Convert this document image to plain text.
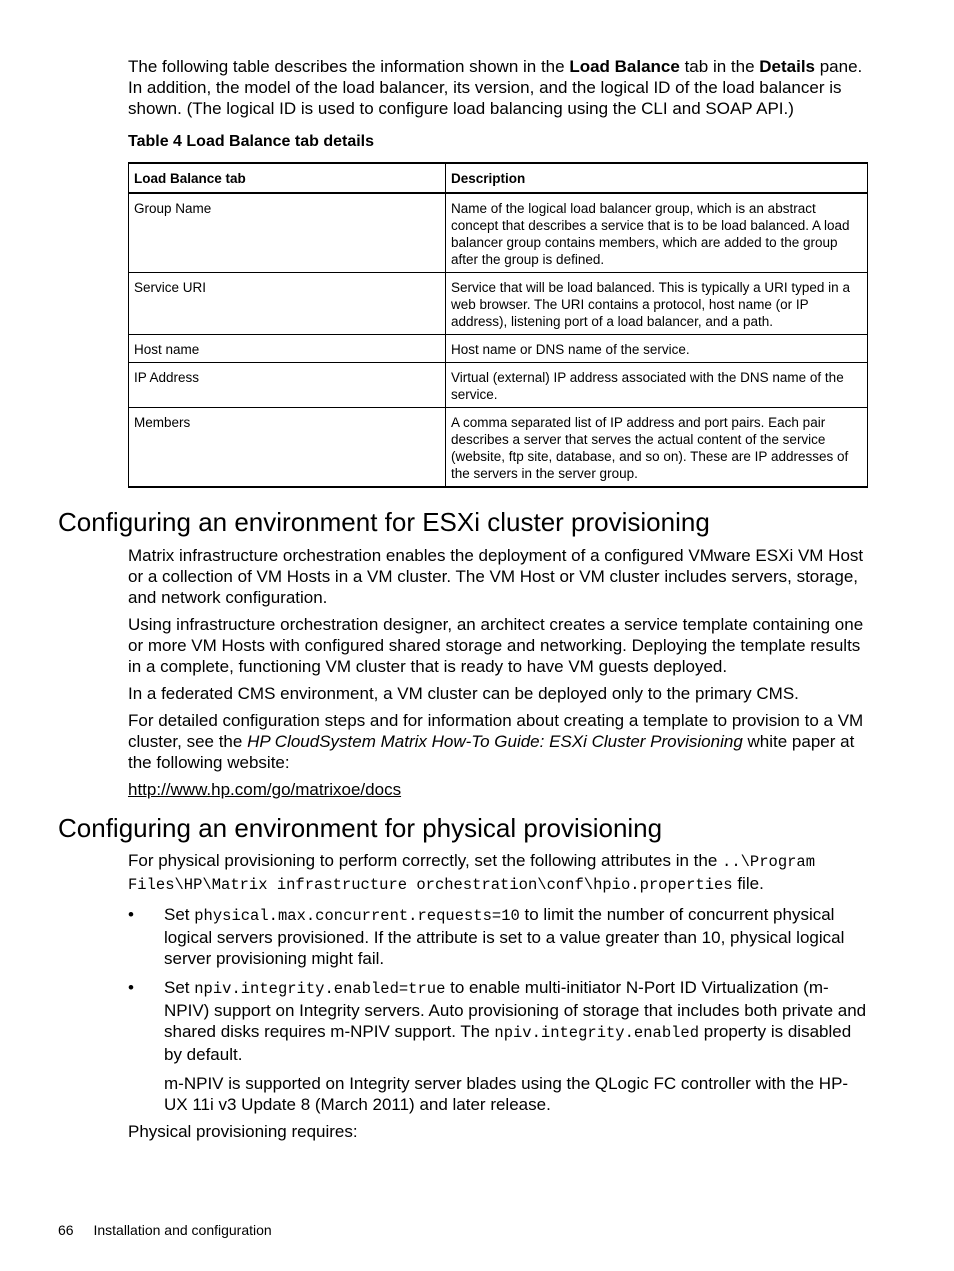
The following table describes the information shown in the Load Balance tab in the Details pane. In addition, the model of the load balancer, its version, and the logical ID of the load balancer is shown. (The logical ID is used to configure load balancing using the CLI and SOAP API.)

Table 4 Load Balance tab details

Load Balance tab	Description
Group Name	Name of the logical load balancer group, which is an abstract concept that describes a service that is to be load balanced. A load balancer group contains members, which are added to the group after the group is defined.
Service URI	Service that will be load balanced. This is typically a URI typed in a web browser. The URI contains a protocol, host name (or IP address), listening port of a load balancer, and a path.
Host name	Host name or DNS name of the service.
IP Address	Virtual (external) IP address associated with the DNS name of the service.
Members	A comma separated list of IP address and port pairs. Each pair describes a server that serves the actual content of the service (website, ftp site, database, and so on). These are IP addresses of the servers in the server group.
Configuring an environment for ESXi cluster provisioning

Matrix infrastructure orchestration enables the deployment of a configured VMware ESXi VM Host or a collection of VM Hosts in a VM cluster. The VM Host or VM cluster includes servers, storage, and network configuration.

Using infrastructure orchestration designer, an architect creates a service template containing one or more VM Hosts with configured shared storage and networking. Deploying the template results in a complete, functioning VM cluster that is ready to have VM guests deployed.

In a federated CMS environment, a VM cluster can be deployed only to the primary CMS.

For detailed configuration steps and for information about creating a template to provision to a VM cluster, see the HP CloudSystem Matrix How-To Guide: ESXi Cluster Provisioning white paper at the following website:

http://www.hp.com/go/matrixoe/docs

Configuring an environment for physical provisioning

For physical provisioning to perform correctly, set the following attributes in the ..\Program Files\HP\Matrix infrastructure orchestration\conf\hpio.properties file.

• Set physical.max.concurrent.requests=10 to limit the number of concurrent physical logical servers provisioned. If the attribute is set to a value greater than 10, physical logical server provisioning might fail.
• Set npiv.integrity.enabled=true to enable multi-initiator N-Port ID Virtualization (m-NPIV) support on Integrity servers. Auto provisioning of storage that includes both private and shared disks requires m-NPIV support. The npiv.integrity.enabled property is disabled by default.

m-NPIV is supported on Integrity server blades using the QLogic FC controller with the HP-UX 11i v3 Update 8 (March 2011) and later release.

Physical provisioning requires:

66 Installation and configuration
